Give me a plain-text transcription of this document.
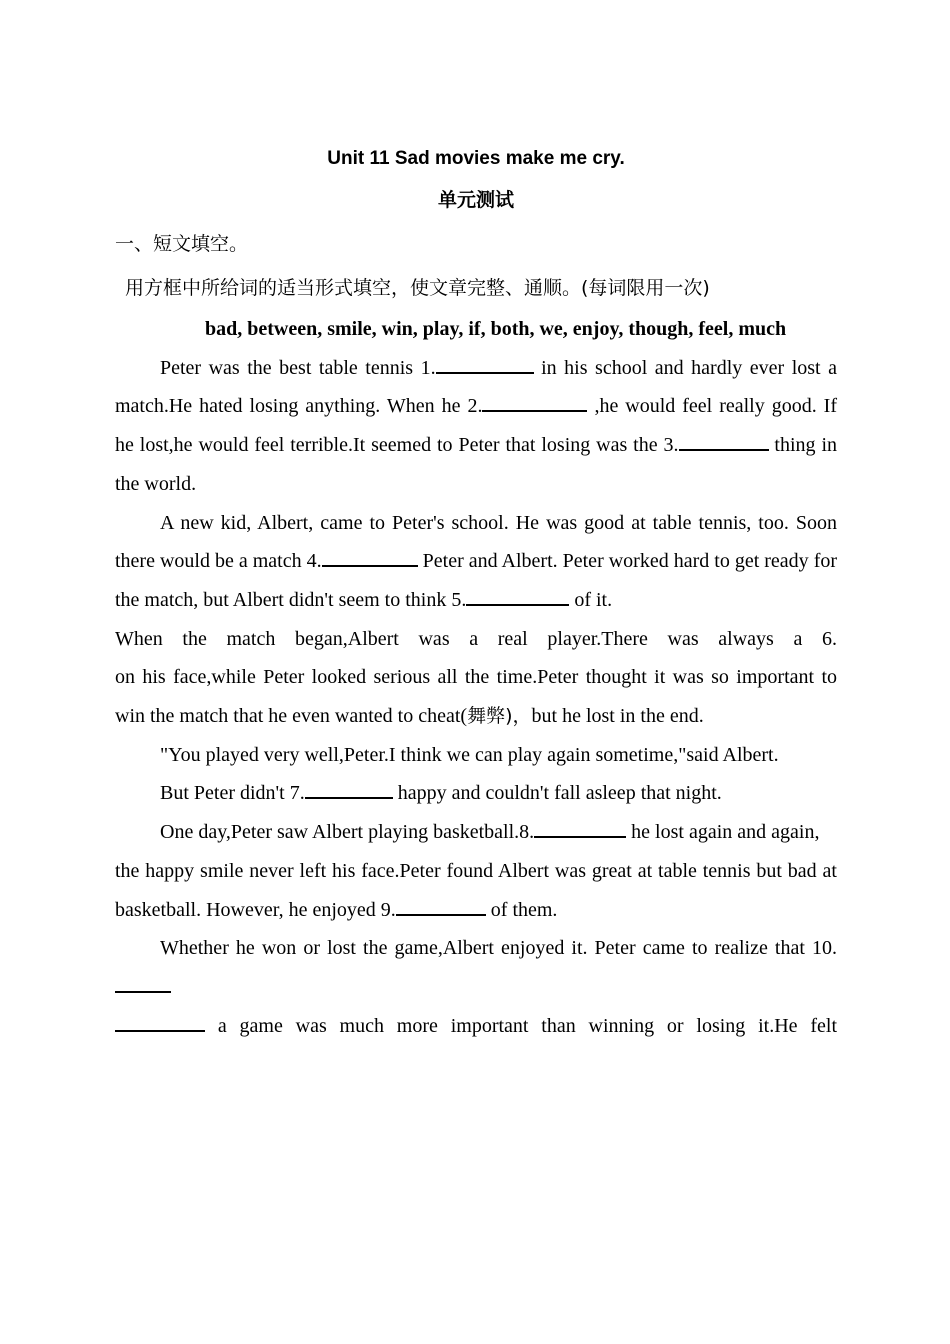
Unit 11 Sad movies make me cry.

单元测试

一、短文填空。

用方框中所给词的适当形式填空，使文章完整、通顺。(每词限用一次)

bad, between, smile, win, play, if, both, we, enjoy, though, feel, much

Peter was the best table tennis 1.	in his school and hardly ever lost a match.He hated losing anything. When he 2.	,he would feel really good. If he lost,he would feel terrible.It seemed to Peter that losing was the 3.	thing in the world.

A new kid, Albert, came to Peter's school. He was good at table tennis, too. Soon there would be a match 4.	Peter and Albert. Peter worked hard to get ready for the match, but Albert didn't seem to think 5.	of it.

When the match began,Albert was a real player.There was always a 6.

on his face,while Peter looked serious all the time.Peter thought it was so important to win the match that he even wanted to cheat(舞弊)，but he lost in the end.

"You played very well,Peter.I think we can play again sometime,"said Albert.

But Peter didn't 7.	happy and couldn't fall asleep that night.

One day,Peter saw Albert playing basketball.8.	he lost again and again,

the happy smile never left his face.Peter found Albert was great at table tennis but bad at basketball. However, he enjoyed 9.	of them.

Whether he won or lost the game,Albert enjoyed it. Peter came to realize that 10.

a game was much more important than winning or losing it.He felt
